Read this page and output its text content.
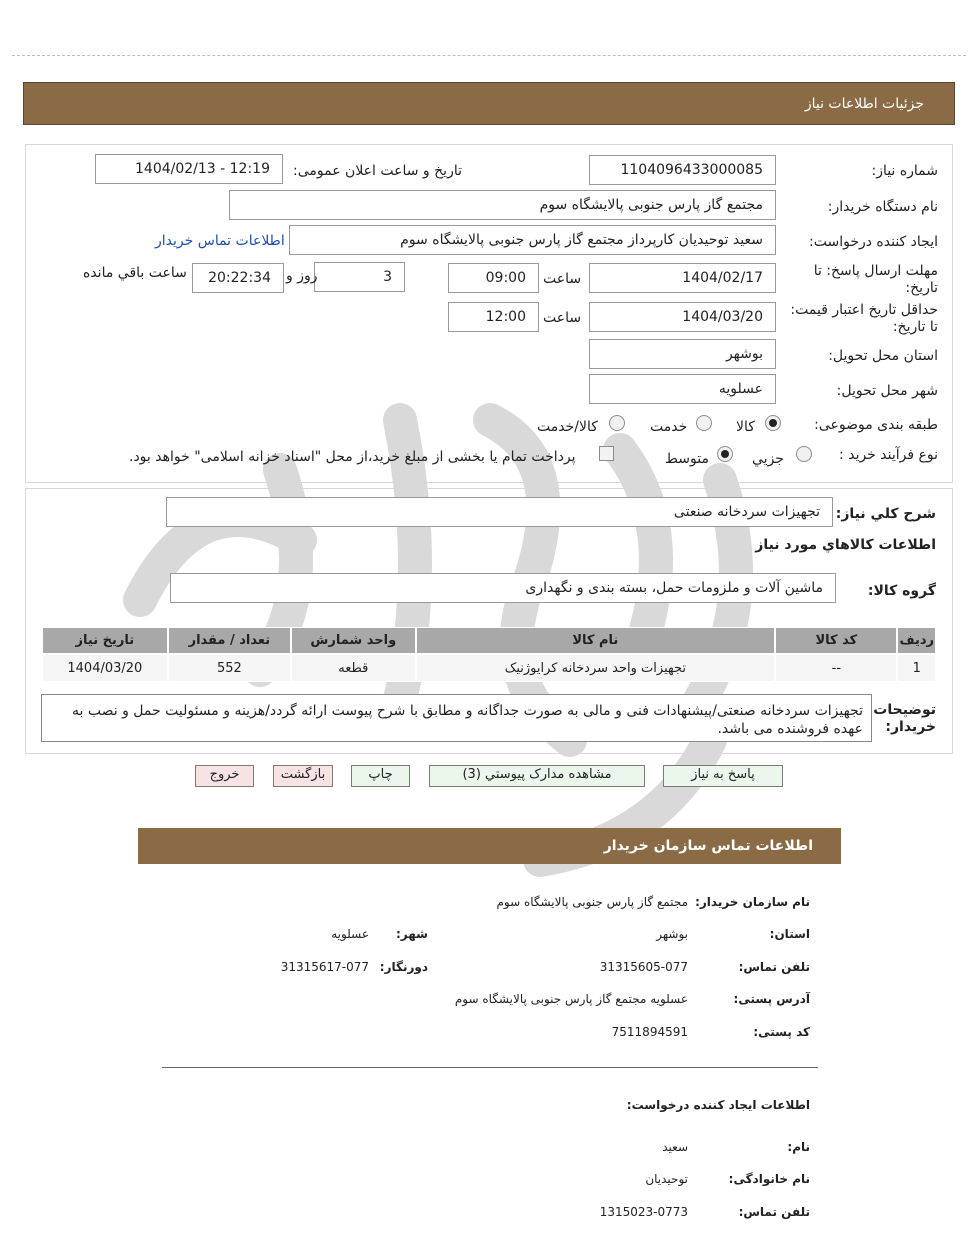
جزئیات اطلاعات نیاز
شماره نیاز:
1104096433000085
تاریخ و ساعت اعلان عمومی:
1404/02/13 - 12:19
نام دستگاه خریدار:
مجتمع گاز پارس جنوبی پالایشگاه سوم
ایجاد کننده درخواست:
سعید توحیدیان کارپرداز مجتمع گاز پارس جنوبی پالایشگاه سوم
اطلاعات تماس خریدار
مهلت ارسال پاسخ: تا تاریخ:
1404/02/17
ساعت
09:00
3
روز و
20:22:34
ساعت باقي مانده
حداقل تاریخ اعتبار قیمت: تا تاریخ:
1404/03/20
ساعت
12:00
استان محل تحویل:
بوشهر
شهر محل تحویل:
عسلویه
طبقه بندی موضوعی:
کالا
خدمت
کالا/خدمت
نوع فرآیند خرید :
جزيي
متوسط
پرداخت تمام يا بخشی از مبلغ خرید،از محل "اسناد خزانه اسلامی" خواهد بود.
شرح كلي نياز:
تجهیزات سردخانه صنعتی
اطلاعات كالاهاي مورد نياز
گروه کالا:
ماشین آلات و ملزومات حمل، بسته بندی و نگهداری
ردیف	کد کالا	نام کالا	واحد شمارش	تعداد / مقدار	تاریخ نیاز
1	--	تجهیزات واحد سردخانه کرایوژنیک	قطعه	552	1404/03/20
توضیحات خریدار:
تجهیزات سردخانه صنعتی/پیشنهادات فنی و مالی به صورت جداگانه و مطابق با شرح پیوست ارائه گردد/هزینه و مسئولیت حمل و نصب به عهده فروشنده می باشد.
پاسخ به نياز
مشاهده مدارک پيوستي (3)
چاپ
بازگشت
خروج
اطلاعات تماس سازمان خریدار
نام سازمان خریدار:
مجتمع گاز پارس جنوبی پالایشگاه سوم
استان:
بوشهر
شهر:
عسلویه
تلفن تماس:
31315605-077
دورنگار:
31315617-077
آدرس پستی:
عسلویه مجتمع گاز پارس جنوبی پالایشگاه سوم
کد پستی:
7511894591
اطلاعات ایجاد کننده درخواست:
نام:
سعید
نام خانوادگی:
توحیدیان
تلفن تماس:
1315023-0773
